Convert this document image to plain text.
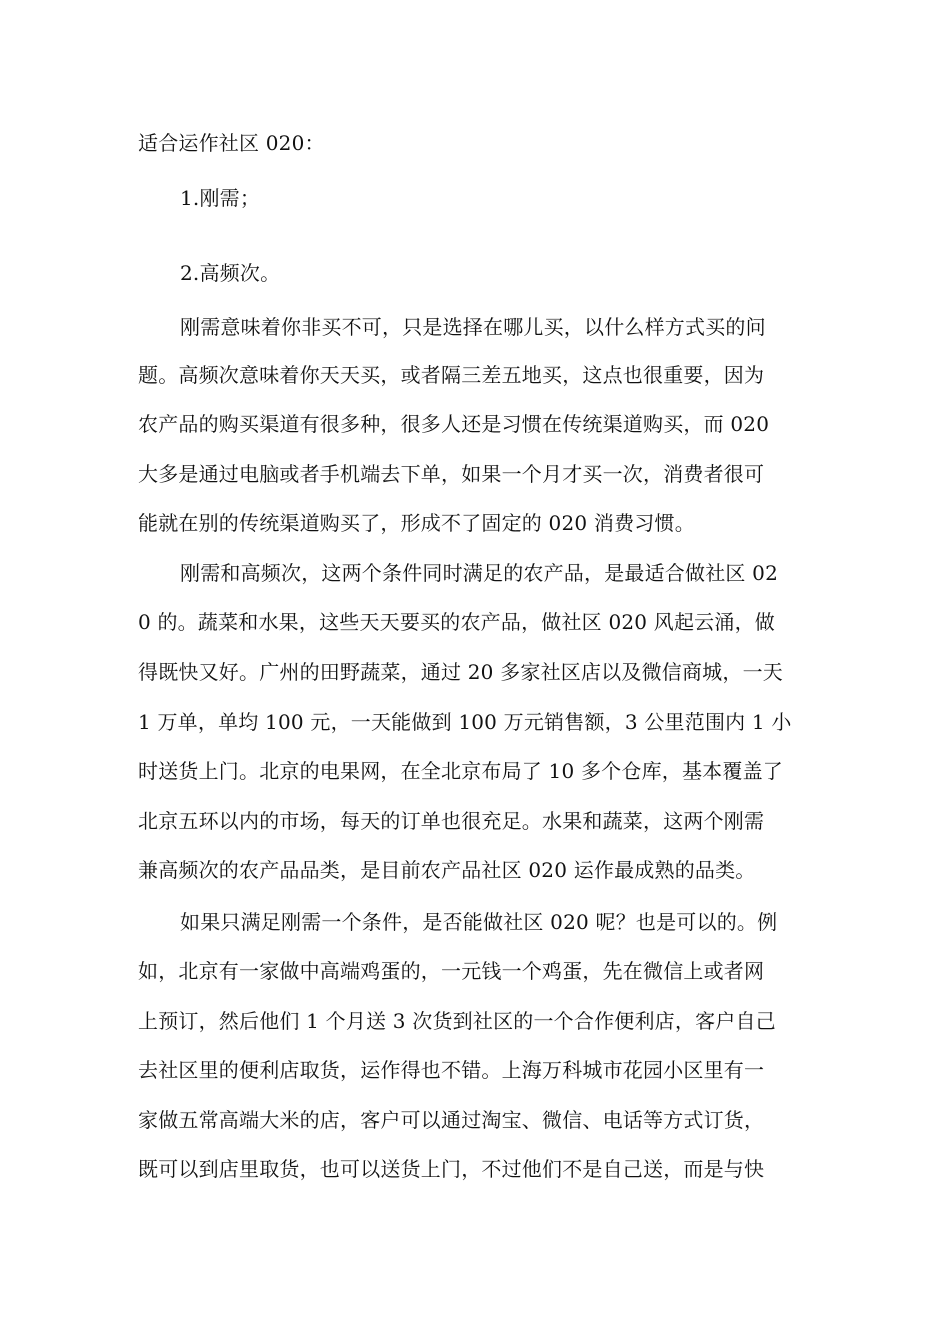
适合运作社区 020：
1.刚需；
2.高频次。
刚需意味着你非买不可，只是选择在哪儿买，以什么样方式买的问
题。高频次意味着你天天买，或者隔三差五地买，这点也很重要，因为
农产品的购买渠道有很多种，很多人还是习惯在传统渠道购买，而 020
大多是通过电脑或者手机端去下单，如果一个月才买一次，消费者很可
能就在别的传统渠道购买了，形成不了固定的 020 消费习惯。
刚需和高频次，这两个条件同时满足的农产品，是最适合做社区 02
0 的。蔬菜和水果，这些天天要买的农产品，做社区 020 风起云涌，做
得既快又好。广州的田野蔬菜，通过 20 多家社区店以及微信商城，一天
1 万单，单均 100 元，一天能做到 100 万元销售额，3 公里范围内 1 小
时送货上门。北京的电果网，在全北京布局了 10 多个仓库，基本覆盖了
北京五环以内的市场，每天的订单也很充足。水果和蔬菜，这两个刚需
兼高频次的农产品品类，是目前农产品社区 020 运作最成熟的品类。
如果只满足刚需一个条件，是否能做社区 020 呢？也是可以的。例
如，北京有一家做中高端鸡蛋的，一元钱一个鸡蛋，先在微信上或者网
上预订，然后他们 1 个月送 3 次货到社区的一个合作便利店，客户自己
去社区里的便利店取货，运作得也不错。上海万科城市花园小区里有一
家做五常高端大米的店，客户可以通过淘宝、微信、电话等方式订货，
既可以到店里取货，也可以送货上门，不过他们不是自己送，而是与快
